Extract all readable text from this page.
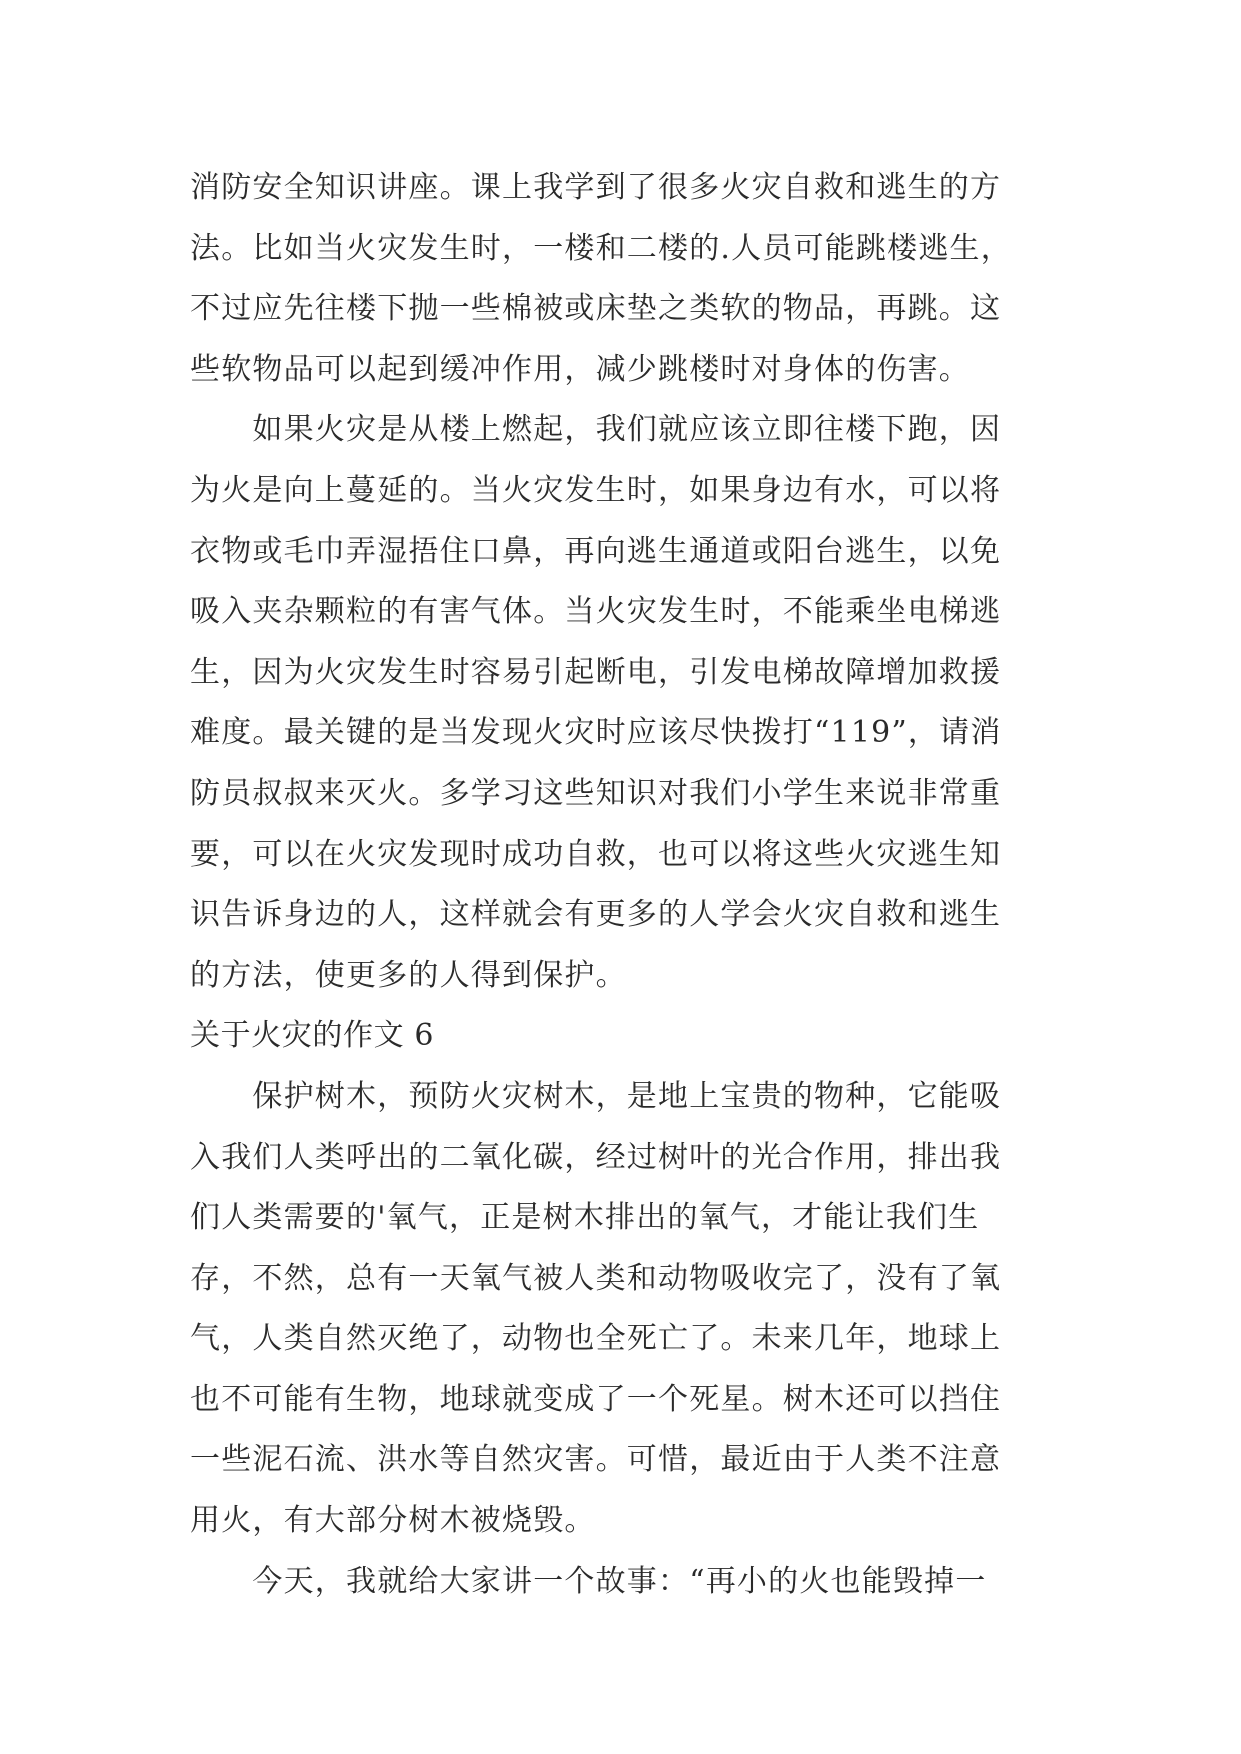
消防安全知识讲座。课上我学到了很多火灾自救和逃生的方
法。比如当火灾发生时，一楼和二楼的.人员可能跳楼逃生，
不过应先往楼下抛一些棉被或床垫之类软的物品，再跳。这
些软物品可以起到缓冲作用，减少跳楼时对身体的伤害。
　　如果火灾是从楼上燃起，我们就应该立即往楼下跑，因
为火是向上蔓延的。当火灾发生时，如果身边有水，可以将
衣物或毛巾弄湿捂住口鼻，再向逃生通道或阳台逃生，以免
吸入夹杂颗粒的有害气体。当火灾发生时，不能乘坐电梯逃
生，因为火灾发生时容易引起断电，引发电梯故障增加救援
难度。最关键的是当发现火灾时应该尽快拨打“119”，请消
防员叔叔来灭火。多学习这些知识对我们小学生来说非常重
要，可以在火灾发现时成功自救，也可以将这些火灾逃生知
识告诉身边的人，这样就会有更多的人学会火灾自救和逃生
的方法，使更多的人得到保护。
关于火灾的作文 6
　　保护树木，预防火灾树木，是地上宝贵的物种，它能吸
入我们人类呼出的二氧化碳，经过树叶的光合作用，排出我
们人类需要的'氧气，正是树木排出的氧气，才能让我们生
存，不然，总有一天氧气被人类和动物吸收完了，没有了氧
气，人类自然灭绝了，动物也全死亡了。未来几年，地球上
也不可能有生物，地球就变成了一个死星。树木还可以挡住
一些泥石流、洪水等自然灾害。可惜，最近由于人类不注意
用火，有大部分树木被烧毁。
　　今天，我就给大家讲一个故事：“再小的火也能毁掉一
